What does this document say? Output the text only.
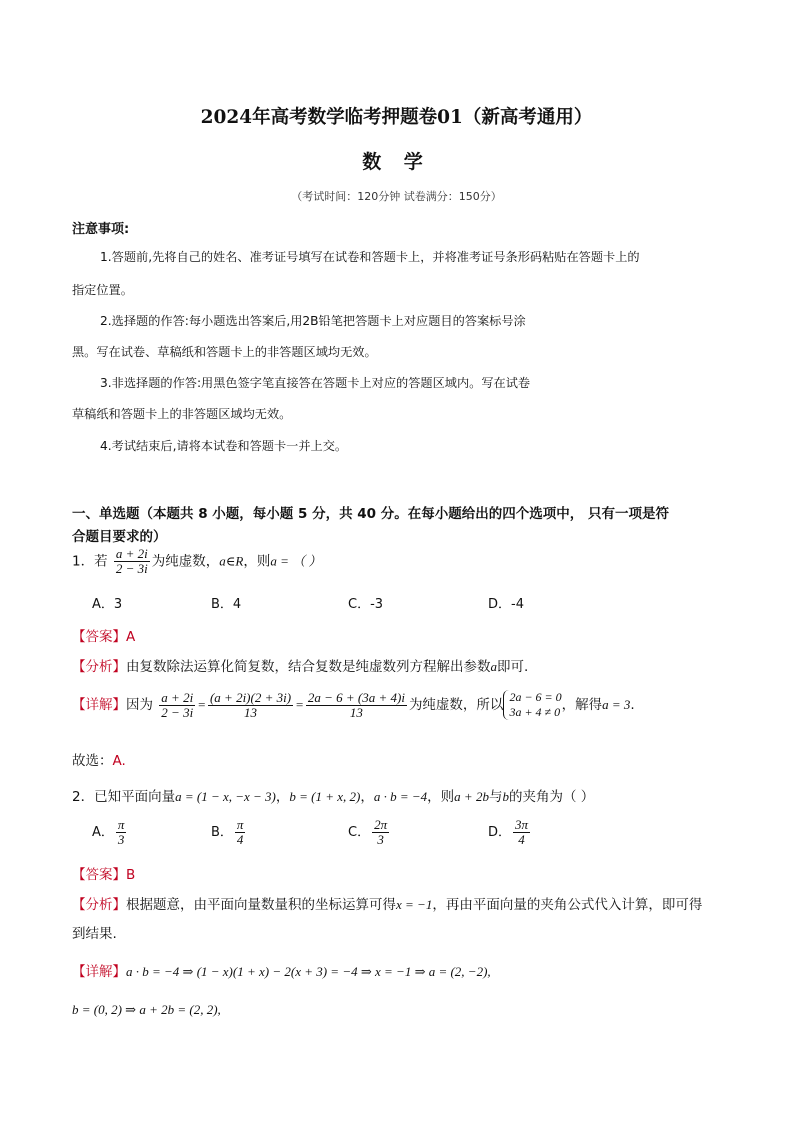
2024年高考数学临考押题卷01（新高考通用）
数 学
（考试时间：120分钟 试卷满分：150分）
注意事项:
1.答题前,先将自己的姓名、准考证号填写在试卷和答题卡上，并将准考证号条形码粘贴在答题卡上的
指定位置。
2.选择题的作答:每小题选出答案后,用2B铅笔把答题卡上对应题目的答案标号涂
黑。写在试卷、草稿纸和答题卡上的非答题区域均无效。
3.非选择题的作答:用黑色签字笔直接答在答题卡上对应的答题区域内。写在试卷
草稿纸和答题卡上的非答题区域均无效。
4.考试结束后,请将本试卷和答题卡一并上交。
一、单选题（本题共 8 小题，每小题 5 分，共 40 分。在每小题给出的四个选项中， 只有一项是符
合题目要求的）
1．若 $\frac{a + 2i}{2 - 3i}$ 为纯虚数，a∈R，则a = （ ）
A．3	B．4	C．-3	D．-4
【答案】A
【分析】由复数除法运算化简复数，结合复数是纯虚数列方程解出参数a即可.
【详解】因为 $\frac{a + 2i}{2 - 3i} = \frac{(a + 2i)(2 + 3i)}{13} = \frac{2a - 6 + (3a + 4)i}{13}$ 为纯虚数，所以 2a − 6 = 0
3a + 4 ≠ 0 ，解得a = 3.
故选：A.
2．已知平面向量a = (1 − x, −x − 3)，b = (1 + x, 2)，a · b = −4，则a + 2b与b的夹角为（ ）
A． $\frac{\pi}{3}$	B． $\frac{\pi}{4}$	C． $\frac{2\pi}{3}$	D． $\frac{3\pi}{4}$
【答案】B
【分析】根据题意，由平面向量数量积的坐标运算可得x = −1，再由平面向量的夹角公式代入计算，即可得
到结果.
【详解】a · b = −4 ⇒ (1 − x)(1 + x) − 2(x + 3) = −4 ⇒ x = −1 ⇒ a = (2, −2),
b = (0, 2) ⇒ a + 2b = (2, 2),
